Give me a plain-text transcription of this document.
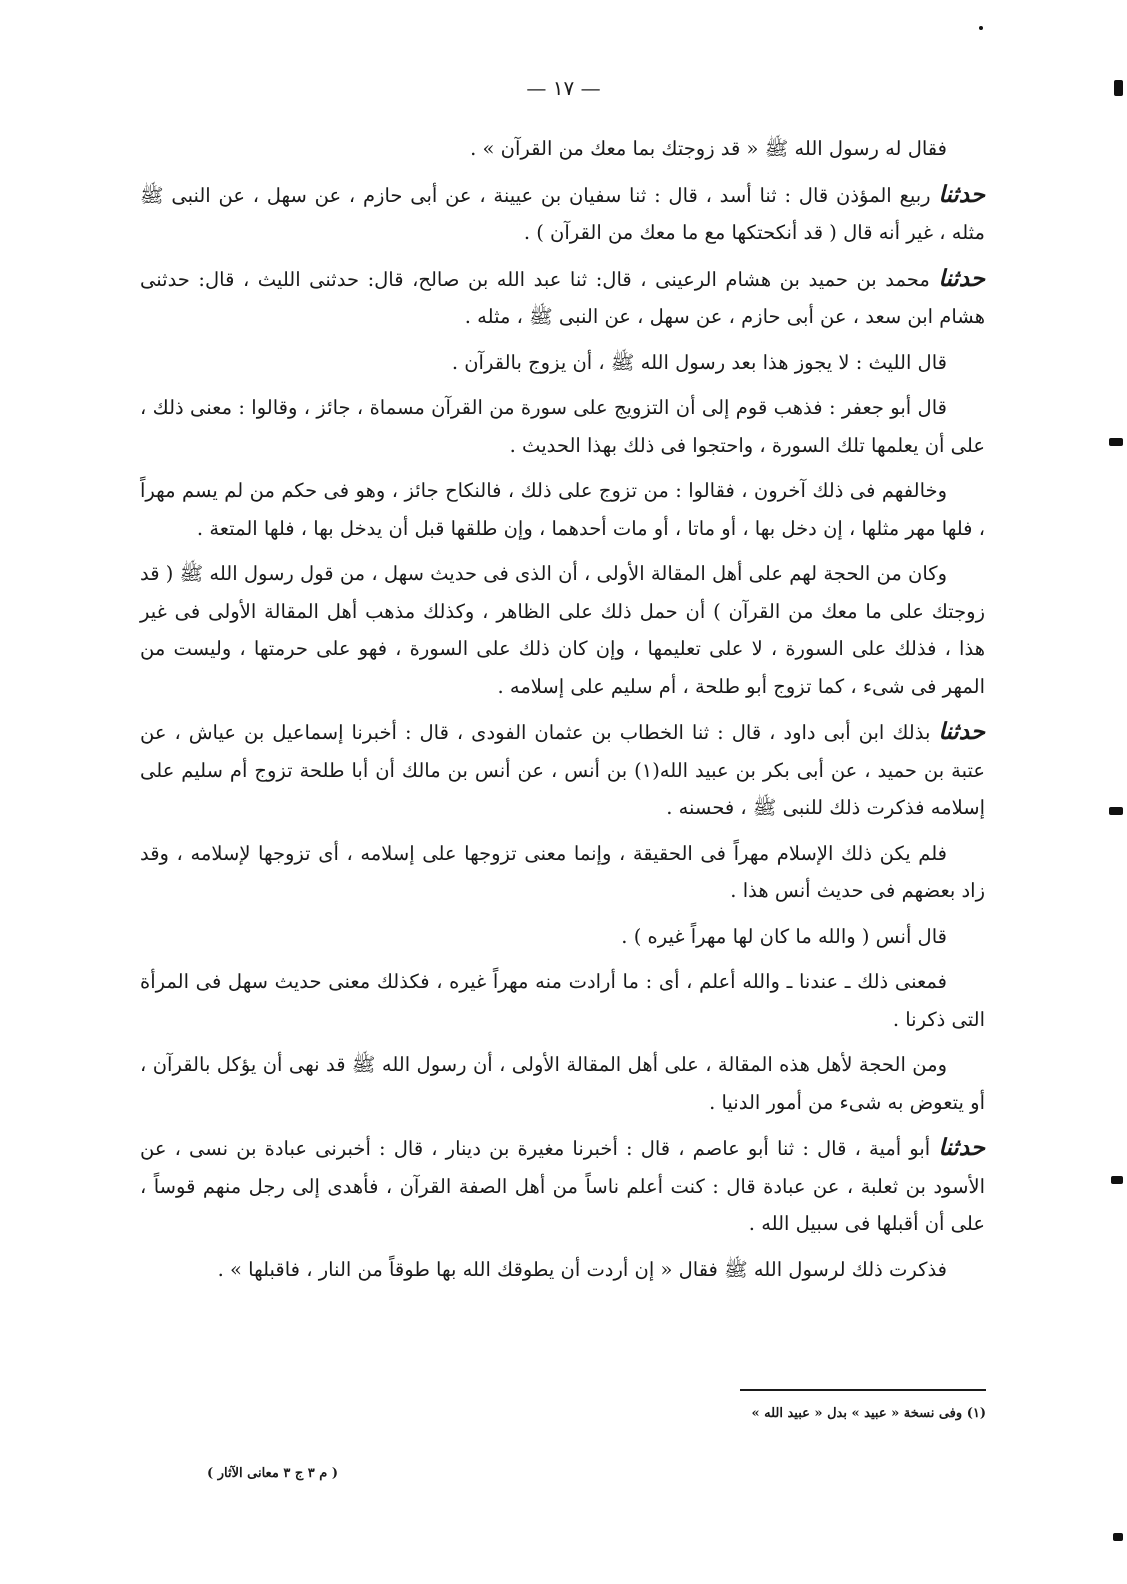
— ١٧ —

فقال له رسول الله ﷺ « قد زوجتك بما معك من القرآن » .

حدثنا ربيع المؤذن قال : ثنا أسد ، قال : ثنا سفيان بن عيينة ، عن أبى حازم ، عن سهل ، عن النبى ﷺ مثله ، غير أنه قال ( قد أنكحتكها مع ما معك من القرآن ) .

حدثنا محمد بن حميد بن هشام الرعينى ، قال: ثنا عبد الله بن صالح، قال: حدثنى الليث ، قال: حدثنى هشام ابن سعد ، عن أبى حازم ، عن سهل ، عن النبى ﷺ ، مثله .

قال الليث : لا يجوز هذا بعد رسول الله ﷺ ، أن يزوج بالقرآن .

قال أبو جعفر : فذهب قوم إلى أن التزويج على سورة من القرآن مسماة ، جائز ، وقالوا : معنى ذلك ، على أن يعلمها تلك السورة ، واحتجوا فى ذلك بهذا الحديث .

وخالفهم فى ذلك آخرون ، فقالوا : من تزوج على ذلك ، فالنكاح جائز ، وهو فى حكم من لم يسم مهراً ، فلها مهر مثلها ، إن دخل بها ، أو ماتا ، أو مات أحدهما ، وإن طلقها قبل أن يدخل بها ، فلها المتعة .

وكان من الحجة لهم على أهل المقالة الأولى ، أن الذى فى حديث سهل ، من قول رسول الله ﷺ ( قد زوجتك على ما معك من القرآن ) أن حمل ذلك على الظاهر ، وكذلك مذهب أهل المقالة الأولى فى غير هذا ، فذلك على السورة ، لا على تعليمها ، وإن كان ذلك على السورة ، فهو على حرمتها ، وليست من المهر فى شىء ، كما تزوج أبو طلحة ، أم سليم على إسلامه .

حدثنا بذلك ابن أبى داود ، قال : ثنا الخطاب بن عثمان الفودى ، قال : أخبرنا إسماعيل بن عياش ، عن عتبة بن حميد ، عن أبى بكر بن عبيد الله(١) بن أنس ، عن أنس بن مالك أن أبا طلحة تزوج أم سليم على إسلامه فذكرت ذلك للنبى ﷺ ، فحسنه .

فلم يكن ذلك الإسلام مهراً فى الحقيقة ، وإنما معنى تزوجها على إسلامه ، أى تزوجها لإسلامه ، وقد زاد بعضهم فى حديث أنس هذا .

قال أنس ( والله ما كان لها مهراً غيره ) .

فمعنى ذلك ـ عندنا ـ والله أعلم ، أى : ما أرادت منه مهراً غيره ، فكذلك معنى حديث سهل فى المرأة التى ذكرنا .

ومن الحجة لأهل هذه المقالة ، على أهل المقالة الأولى ، أن رسول الله ﷺ قد نهى أن يؤكل بالقرآن ، أو يتعوض به شىء من أمور الدنيا .

حدثنا أبو أمية ، قال : ثنا أبو عاصم ، قال : أخبرنا مغيرة بن دينار ، قال : أخبرنى عبادة بن نسى ، عن الأسود بن ثعلبة ، عن عبادة قال : كنت أعلم ناساً من أهل الصفة القرآن ، فأهدى إلى رجل منهم قوساً ، على أن أقبلها فى سبيل الله .

فذكرت ذلك لرسول الله ﷺ فقال « إن أردت أن يطوقك الله بها طوقاً من النار ، فاقبلها » .

(١) وفى نسخة « عبيد » بدل « عبيد الله »
( م ٣ ج ٣ معانى الآثار )
